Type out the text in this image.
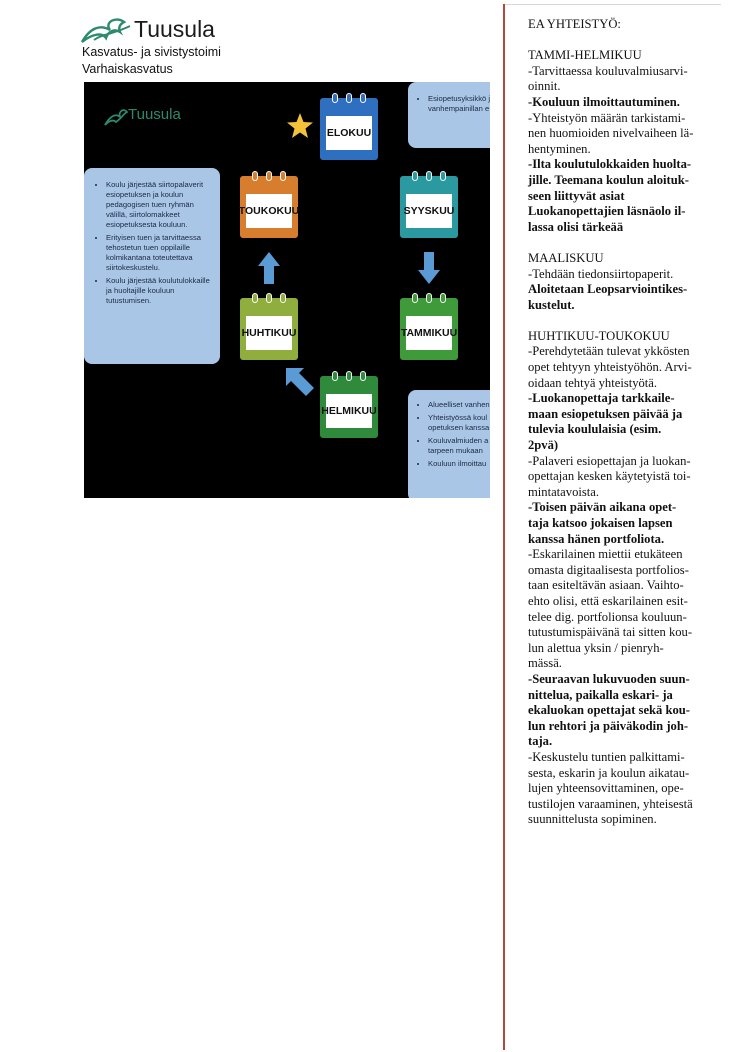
Tuusula
Kasvatus- ja sivistystoimi
Varhaiskasvatus
Tuusula
• Koulu järjestää siirtopalaverit esiopetuksen ja koulun pedagogisen tuen ryhmän välillä, siirtolomakkeet esiopetuksesta kouluun.
• Erityisen tuen ja tarvittaessa tehostetun tuen oppilaille kolmikantana toteutettava siirtokeskustelu.
• Koulu järjestää koulutulokkaille ja huoltajille kouluun tutustumisen.
• Esiopetusyksikkö j vanhempainillan e
• Alueelliset vanhen
• Yhteistyössä koul opetuksen kanssa
• Kouluvalmiuden a tarpeen mukaan
• Kouluun ilmoittau
ELOKUU
SYYSKUU
TAMMIKUU
HELMIKUU
HUHTIKUU
TOUKOKUU
EA YHTEISTYÖ:
TAMMI-HELMIKUU
-Tarvittaessa kouluvalmiusarvi-
oinnit.
-Kouluun ilmoittautuminen.
-Yhteistyön määrän tarkistami-
nen huomioiden nivelvaiheen lä-
hentyminen.
-Ilta koulutulokkaiden huolta-
jille. Teemana koulun aloituk-
seen liittyvät asiat
Luokanopettajien läsnäolo il-
lassa olisi tärkeää
MAALISKUU
-Tehdään tiedonsiirtopaperit.
Aloitetaan Leopsarviointikes-
kustelut.
HUHTIKUU-TOUKOKUU
-Perehdytetään tulevat ykkösten
opet tehtyyn yhteistyöhön. Arvi-
oidaan tehtyä yhteistyötä.
-Luokanopettaja tarkkaile-
maan esiopetuksen päivää ja
tulevia koululaisia (esim.
2pvä)
-Palaveri esiopettajan ja luokan-
opettajan kesken käytetyistä toi-
mintatavoista.
-Toisen päivän aikana opet-
taja katsoo jokaisen lapsen
kanssa hänen portfoliota.
-Eskarilainen miettii etukäteen
omasta digitaalisesta portfolios-
taan esiteltävän asiaan. Vaihto-
ehto olisi, että eskarilainen esit-
telee dig. portfolionsa kouluun-
tutustumispäivänä tai sitten kou-
lun alettua yksin / pienryh-
mässä.
-Seuraavan lukuvuoden suun-
nittelua, paikalla eskari- ja
ekaluokan opettajat sekä kou-
lun rehtori ja päiväkodin joh-
taja.
-Keskustelu tuntien palkittami-
sesta, eskarin ja koulun aikatau-
lujen yhteensovittaminen, ope-
tustilojen varaaminen, yhteisestä
suunnittelusta sopiminen.
